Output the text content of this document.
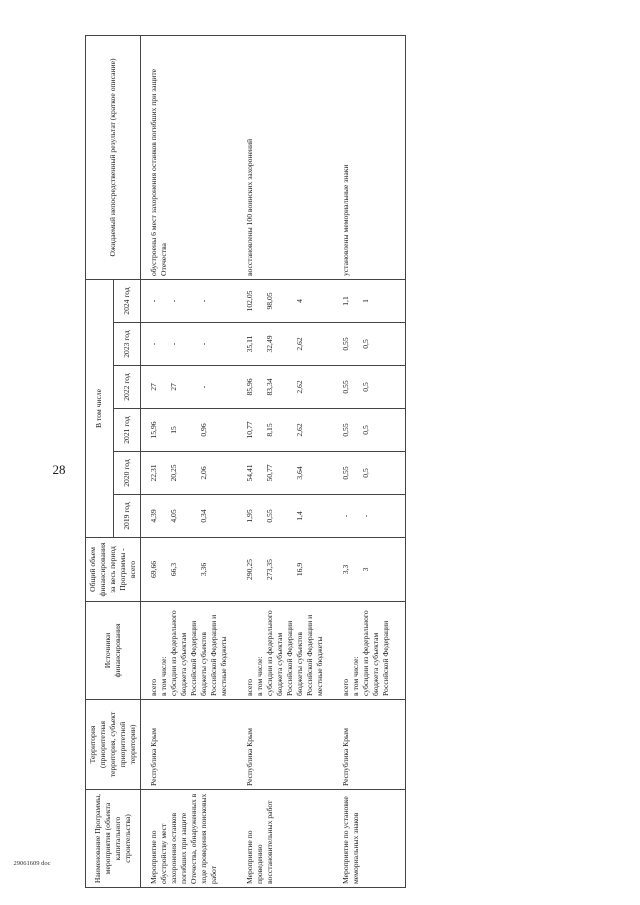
28
29061609 doc	Наименование Программы, мероприятия (объекта капитального строительства)	Территория (приоритетная территория, субъект приоритетной территории)	Источники финансирования	Общий объем финансирования за весь период Программы - всего	В том числе						Ожидаемый непосредственный результат (краткое описание)
				2019 год	2020 год	2021 год	2022 год	2023 год	2024 год	
Мероприятие по обустройству мест захоронения останков погибших при защите Отечества, обнаруженных в ходе проведения поисковых работ	Республика Крым	всего в том числе: субсидии из федерального бюджета субъектам Российской Федерации бюджеты субъектов Российской Федерации и местные бюджеты	69,66 66,3 3,36	4,39 4,05 0,34	22,31 20,25 2,06	15,96 15 0,96	27 27 -	- - -	- - -	обустроены 6 мест захоронения останков погибших при защите Отечества
Мероприятие по проведению восстановительных работ	Республика Крым	всего в том числе: субсидии из федерального бюджета субъектам Российской Федерации бюджеты субъектов Российской Федерации и местные бюджеты	290,25 273,35 16,9	1,95 0,55 1,4	54,41 50,77 3,64	10,77 8,15 2,62	85,96 83,34 2,62	35,11 32,49 2,62	102,05 98,05 4	восстановлены 100 воинских захоронений
Мероприятие по установке мемориальных знаков	Республика Крым	всего в том числе: субсидии из федерального бюджета субъектам Российской Федерации	3,3 3	- -	0,55 0,5	0,55 0,5	0,55 0,5	0,55 0,5	1,1 1	установлены мемориальные знаки
